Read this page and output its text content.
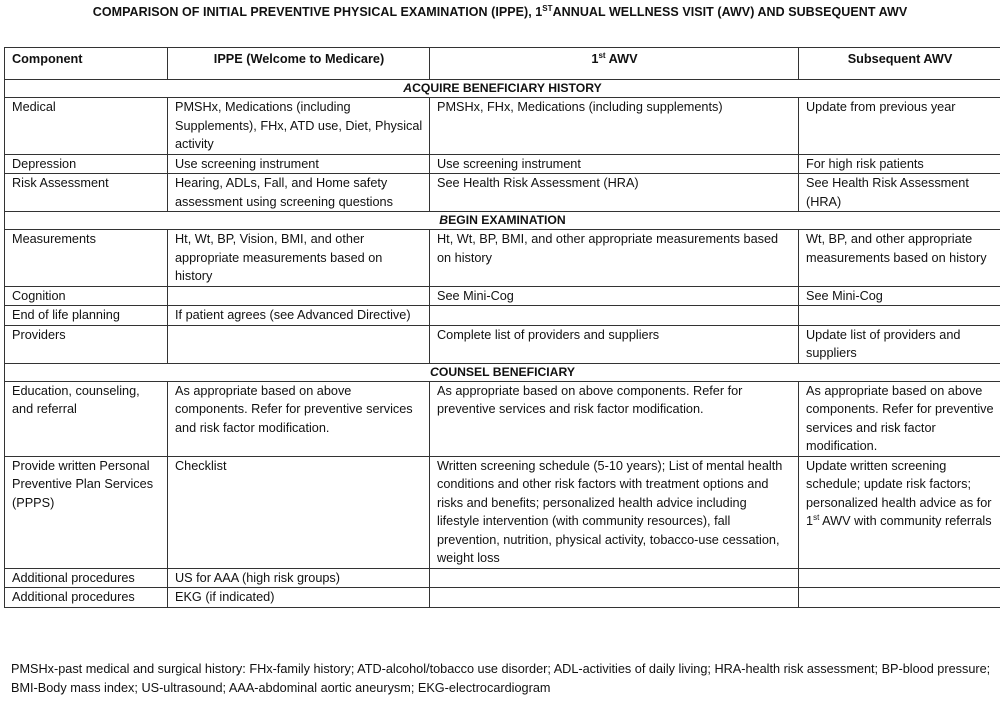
COMPARISON OF INITIAL PREVENTIVE PHYSICAL EXAMINATION (IPPE), 1STANNUAL WELLNESS VISIT (AWV) AND SUBSEQUENT AWV
Component	IPPE (Welcome to Medicare)	1st AWV	Subsequent AWV
ACQUIRE BENEFICIARY HISTORY			
Medical	PMSHx, Medications (including Supplements), FHx, ATD use, Diet, Physical activity	PMSHx, FHx, Medications (including supplements)	Update from previous year
Depression	Use screening instrument	Use screening instrument	For high risk patients
Risk Assessment	Hearing, ADLs, Fall, and Home safety assessment using screening questions	See Health Risk Assessment (HRA)	See Health Risk Assessment (HRA)
BEGIN EXAMINATION			
Measurements	Ht, Wt, BP, Vision, BMI, and other appropriate measurements based on history	Ht, Wt, BP, BMI, and other appropriate measurements based on history	Wt, BP, and other appropriate measurements based on history
Cognition		See Mini-Cog	See Mini-Cog
End of life planning	If patient agrees (see Advanced Directive)		
Providers		Complete list of providers and suppliers	Update list of providers and suppliers
COUNSEL BENEFICIARY			
Education, counseling, and referral	As appropriate based on above components. Refer for preventive services and risk factor modification.	As appropriate based on above components. Refer for preventive services and risk factor modification.	As appropriate based on above components. Refer for preventive services and risk factor modification.
Provide written Personal Preventive Plan Services (PPPS)	Checklist	Written screening schedule (5-10 years); List of mental health conditions and other risk factors with treatment options and risks and benefits; personalized health advice including lifestyle intervention (with community resources), fall prevention, nutrition, physical activity, tobacco-use cessation, weight loss	Update written screening schedule; update risk factors; personalized health advice as for 1st AWV with community referrals
Additional procedures	US for AAA (high risk groups)		
Additional procedures	EKG (if indicated)		
PMSHx-past medical and surgical history: FHx-family history; ATD-alcohol/tobacco use disorder; ADL-activities of daily living; HRA-health risk assessment; BP-blood pressure; BMI-Body mass index; US-ultrasound; AAA-abdominal aortic aneurysm; EKG-electrocardiogram
